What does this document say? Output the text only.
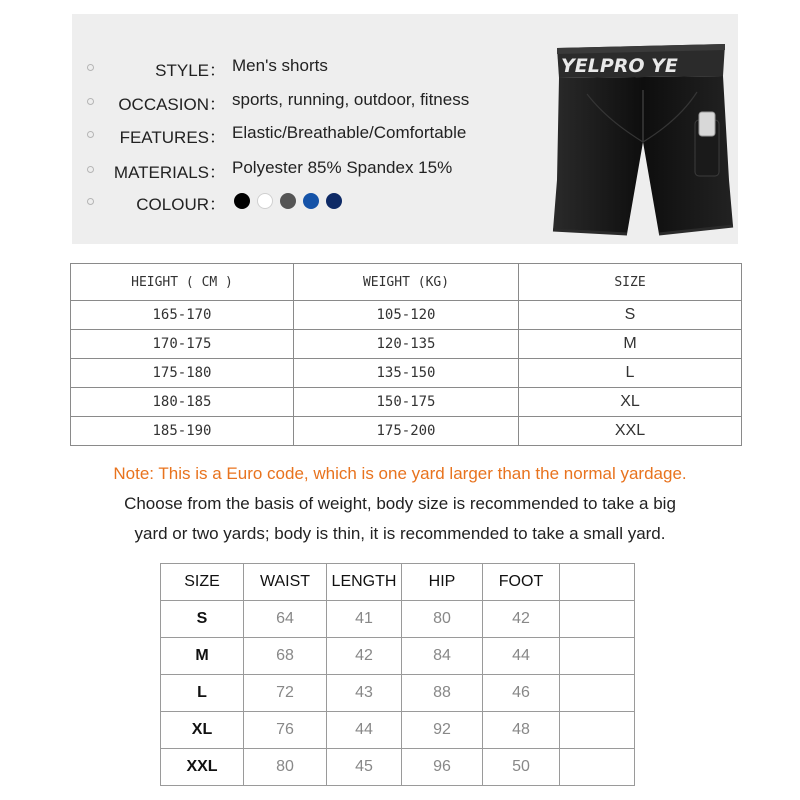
STYLE： Men's shorts
OCCASION： sports, running, outdoor, fitness
FEATURES： Elastic/Breathable/Comfortable
MATERIALS： Polyester 85% Spandex 15%
COLOUR：
YELPRO YE
HEIGHT ( CM )	WEIGHT (KG)	SIZE
165-170	105-120	S
170-175	120-135	M
175-180	135-150	L
180-185	150-175	XL
185-190	175-200	XXL
Note: This is a Euro code, which is one yard larger than the normal yardage.
Choose from the basis of weight, body size is recommended to take a big
yard or two yards; body is thin, it is recommended to take a small yard.
SIZE	WAIST	LENGTH	HIP	FOOT	
S	64	41	80	42	
M	68	42	84	44	
L	72	43	88	46	
XL	76	44	92	48	
XXL	80	45	96	50	
